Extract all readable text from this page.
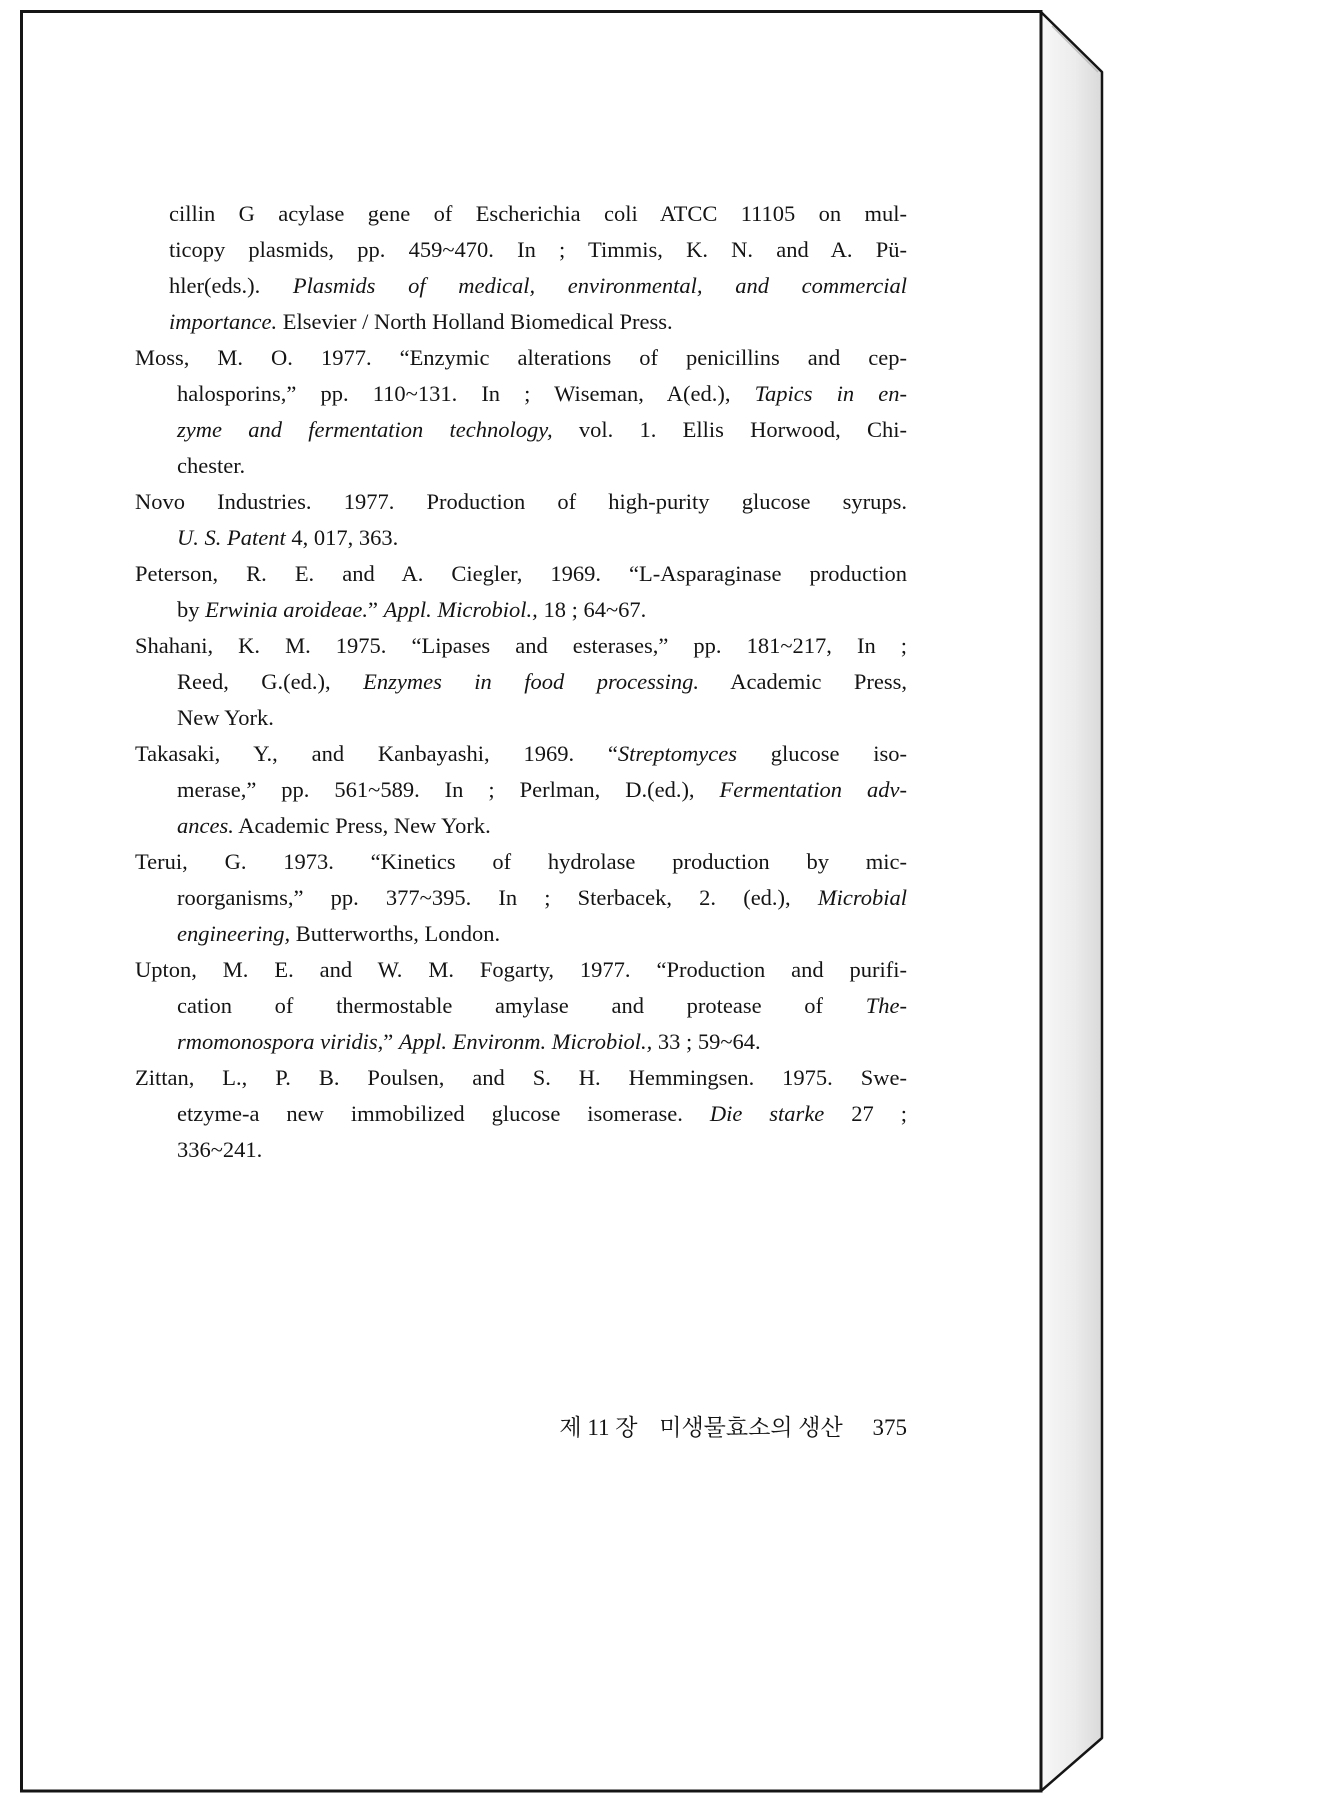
cillin G acylase gene of Escherichia coli ATCC 11105 on mul-
ticopy plasmids, pp. 459~470. In ; Timmis, K. N. and A. Pü-
hler(eds.). Plasmids of medical, environmental, and commercial
importance. Elsevier / North Holland Biomedical Press.
Moss, M. O. 1977. “Enzymic alterations of penicillins and cep-
halosporins,” pp. 110~131. In ; Wiseman, A(ed.), Tapics in en-
zyme and fermentation technology, vol. 1. Ellis Horwood, Chi-
chester.
Novo Industries. 1977. Production of high-purity glucose syrups.
U. S. Patent 4, 017, 363.
Peterson, R. E. and A. Ciegler, 1969. “L-Asparaginase production
by Erwinia aroideae.” Appl. Microbiol., 18 ; 64~67.
Shahani, K. M. 1975. “Lipases and esterases,” pp. 181~217, In ;
Reed, G.(ed.), Enzymes in food processing. Academic Press,
New York.
Takasaki, Y., and Kanbayashi, 1969. “Streptomyces glucose iso-
merase,” pp. 561~589. In ; Perlman, D.(ed.), Fermentation adv-
ances. Academic Press, New York.
Terui, G. 1973. “Kinetics of hydrolase production by mic-
roorganisms,” pp. 377~395. In ; Sterbacek, 2. (ed.), Microbial
engineering, Butterworths, London.
Upton, M. E. and W. M. Fogarty, 1977. “Production and purifi-
cation of thermostable amylase and protease of The-
rmomonospora viridis,” Appl. Environm. Microbiol., 33 ; 59~64.
Zittan, L., P. B. Poulsen, and S. H. Hemmingsen. 1975. Swe-
etzyme-a new immobilized glucose isomerase. Die starke 27 ;
336~241.
제 11 장 미생물효소의 생산 375
